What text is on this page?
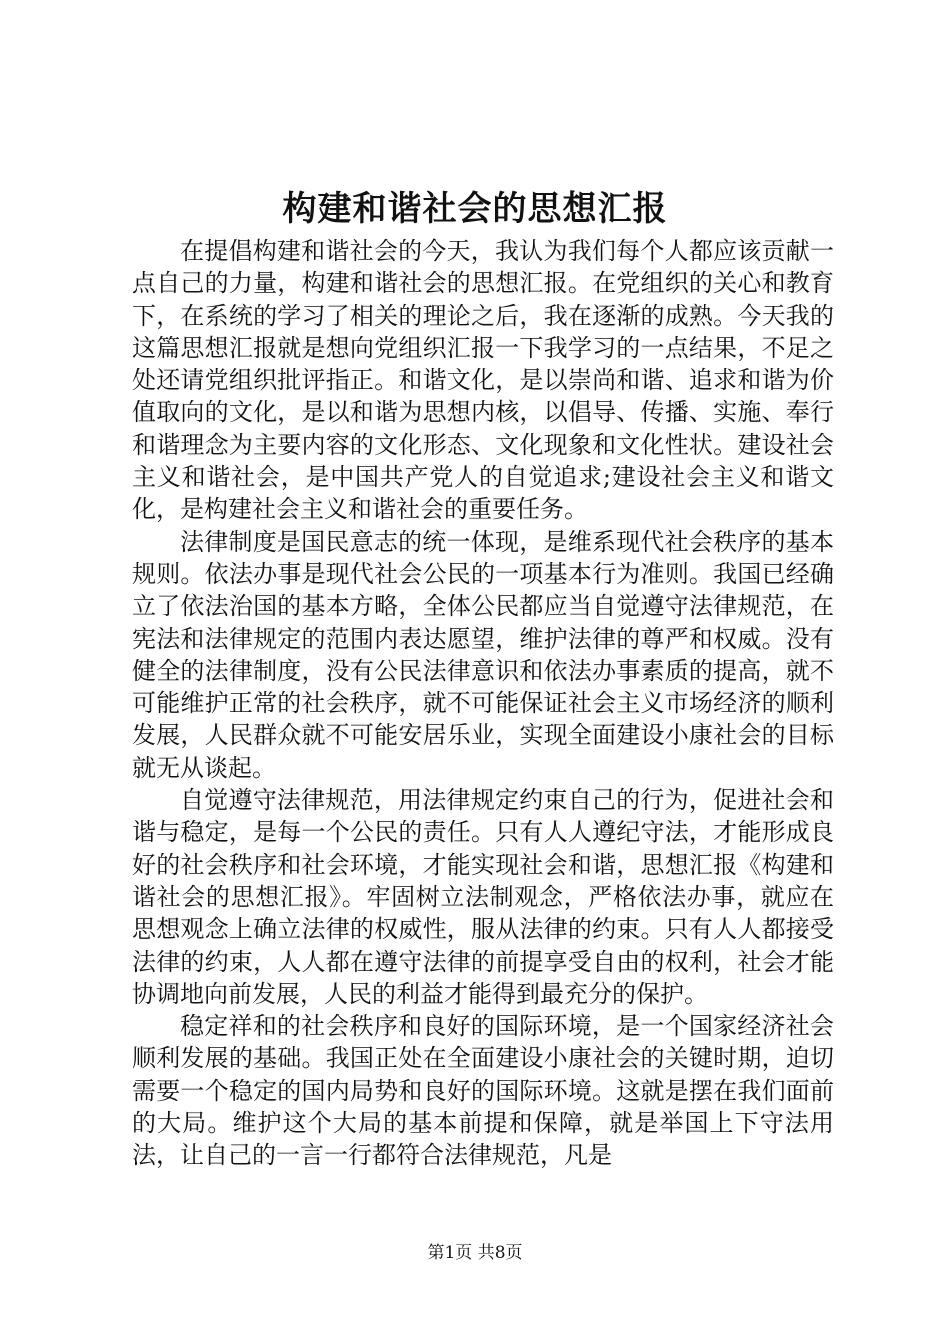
构建和谐社会的思想汇报

在提倡构建和谐社会的今天，我认为我们每个人都应该贡献一点自己的力量，构建和谐社会的思想汇报。在党组织的关心和教育下，在系统的学习了相关的理论之后，我在逐渐的成熟。今天我的这篇思想汇报就是想向党组织汇报一下我学习的一点结果，不足之处还请党组织批评指正。和谐文化，是以崇尚和谐、追求和谐为价值取向的文化，是以和谐为思想内核，以倡导、传播、实施、奉行和谐理念为主要内容的文化形态、文化现象和文化性状。建设社会主义和谐社会，是中国共产党人的自觉追求;建设社会主义和谐文化，是构建社会主义和谐社会的重要任务。

法律制度是国民意志的统一体现，是维系现代社会秩序的基本规则。依法办事是现代社会公民的一项基本行为准则。我国已经确立了依法治国的基本方略，全体公民都应当自觉遵守法律规范，在宪法和法律规定的范围内表达愿望，维护法律的尊严和权威。没有健全的法律制度，没有公民法律意识和依法办事素质的提高，就不可能维护正常的社会秩序，就不可能保证社会主义市场经济的顺利发展，人民群众就不可能安居乐业，实现全面建设小康社会的目标就无从谈起。

自觉遵守法律规范，用法律规定约束自己的行为，促进社会和谐与稳定，是每一个公民的责任。只有人人遵纪守法，才能形成良好的社会秩序和社会环境，才能实现社会和谐，思想汇报《构建和谐社会的思想汇报》。牢固树立法制观念，严格依法办事，就应在思想观念上确立法律的权威性，服从法律的约束。只有人人都接受法律的约束，人人都在遵守法律的前提享受自由的权利，社会才能协调地向前发展，人民的利益才能得到最充分的保护。

稳定祥和的社会秩序和良好的国际环境，是一个国家经济社会顺利发展的基础。我国正处在全面建设小康社会的关键时期，迫切需要一个稳定的国内局势和良好的国际环境。这就是摆在我们面前的大局。维护这个大局的基本前提和保障，就是举国上下守法用法，让自己的一言一行都符合法律规范，凡是

第1页 共8页
